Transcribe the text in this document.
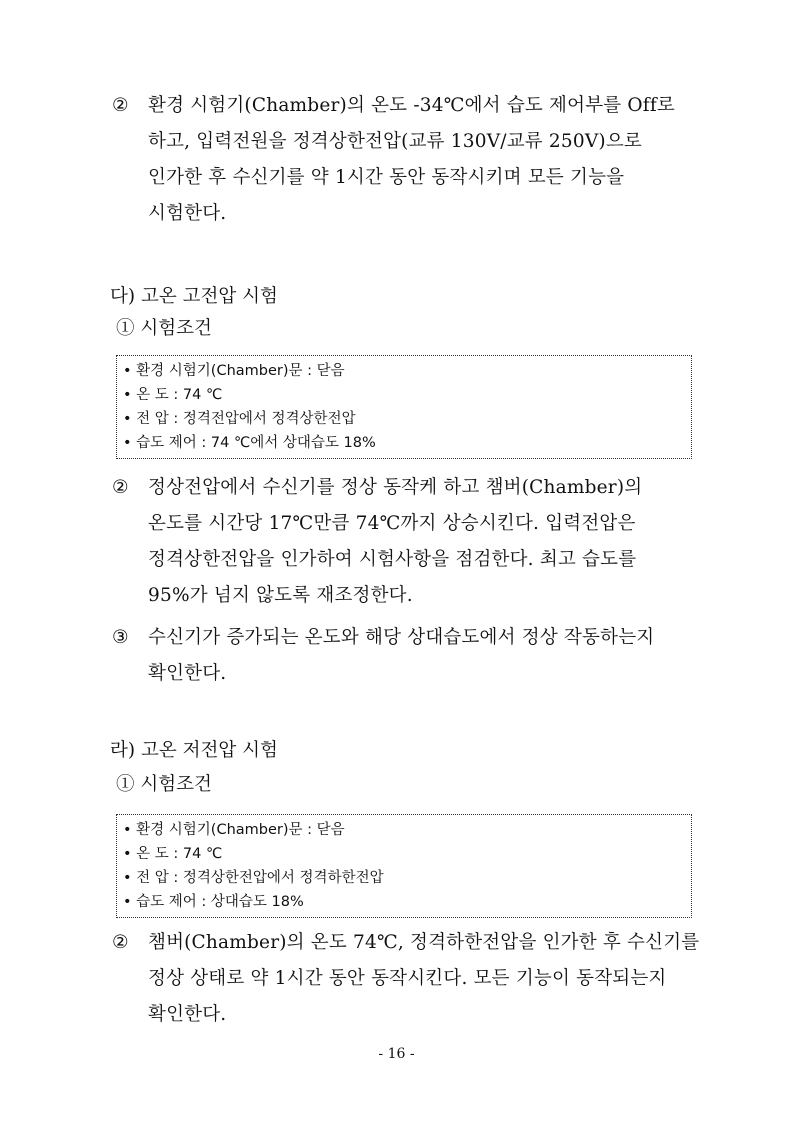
② 환경 시험기(Chamber)의 온도 -34℃에서 습도 제어부를 Off로
하고, 입력전원을 정격상한전압(교류 130V/교류 250V)으로
인가한 후 수신기를 약 1시간 동안 동작시키며 모든 기능을
시험한다.
다) 고온 고전압 시험
① 시험조건
• 환경 시험기(Chamber)문 : 닫음
• 온 도 : 74 ℃
• 전 압 : 정격전압에서 정격상한전압
• 습도 제어 : 74 ℃에서 상대습도 18%
② 정상전압에서 수신기를 정상 동작케 하고 챔버(Chamber)의
온도를 시간당 17℃만큼 74℃까지 상승시킨다. 입력전압은
정격상한전압을 인가하여 시험사항을 점검한다. 최고 습도를
95%가 넘지 않도록 재조정한다.
③ 수신기가 증가되는 온도와 해당 상대습도에서 정상 작동하는지
확인한다.
라) 고온 저전압 시험
① 시험조건
• 환경 시험기(Chamber)문 : 닫음
• 온 도 : 74 ℃
• 전 압 : 정격상한전압에서 정격하한전압
• 습도 제어 : 상대습도 18%
② 챔버(Chamber)의 온도 74℃, 정격하한전압을 인가한 후 수신기를
정상 상태로 약 1시간 동안 동작시킨다. 모든 기능이 동작되는지
확인한다.
- 16 -
